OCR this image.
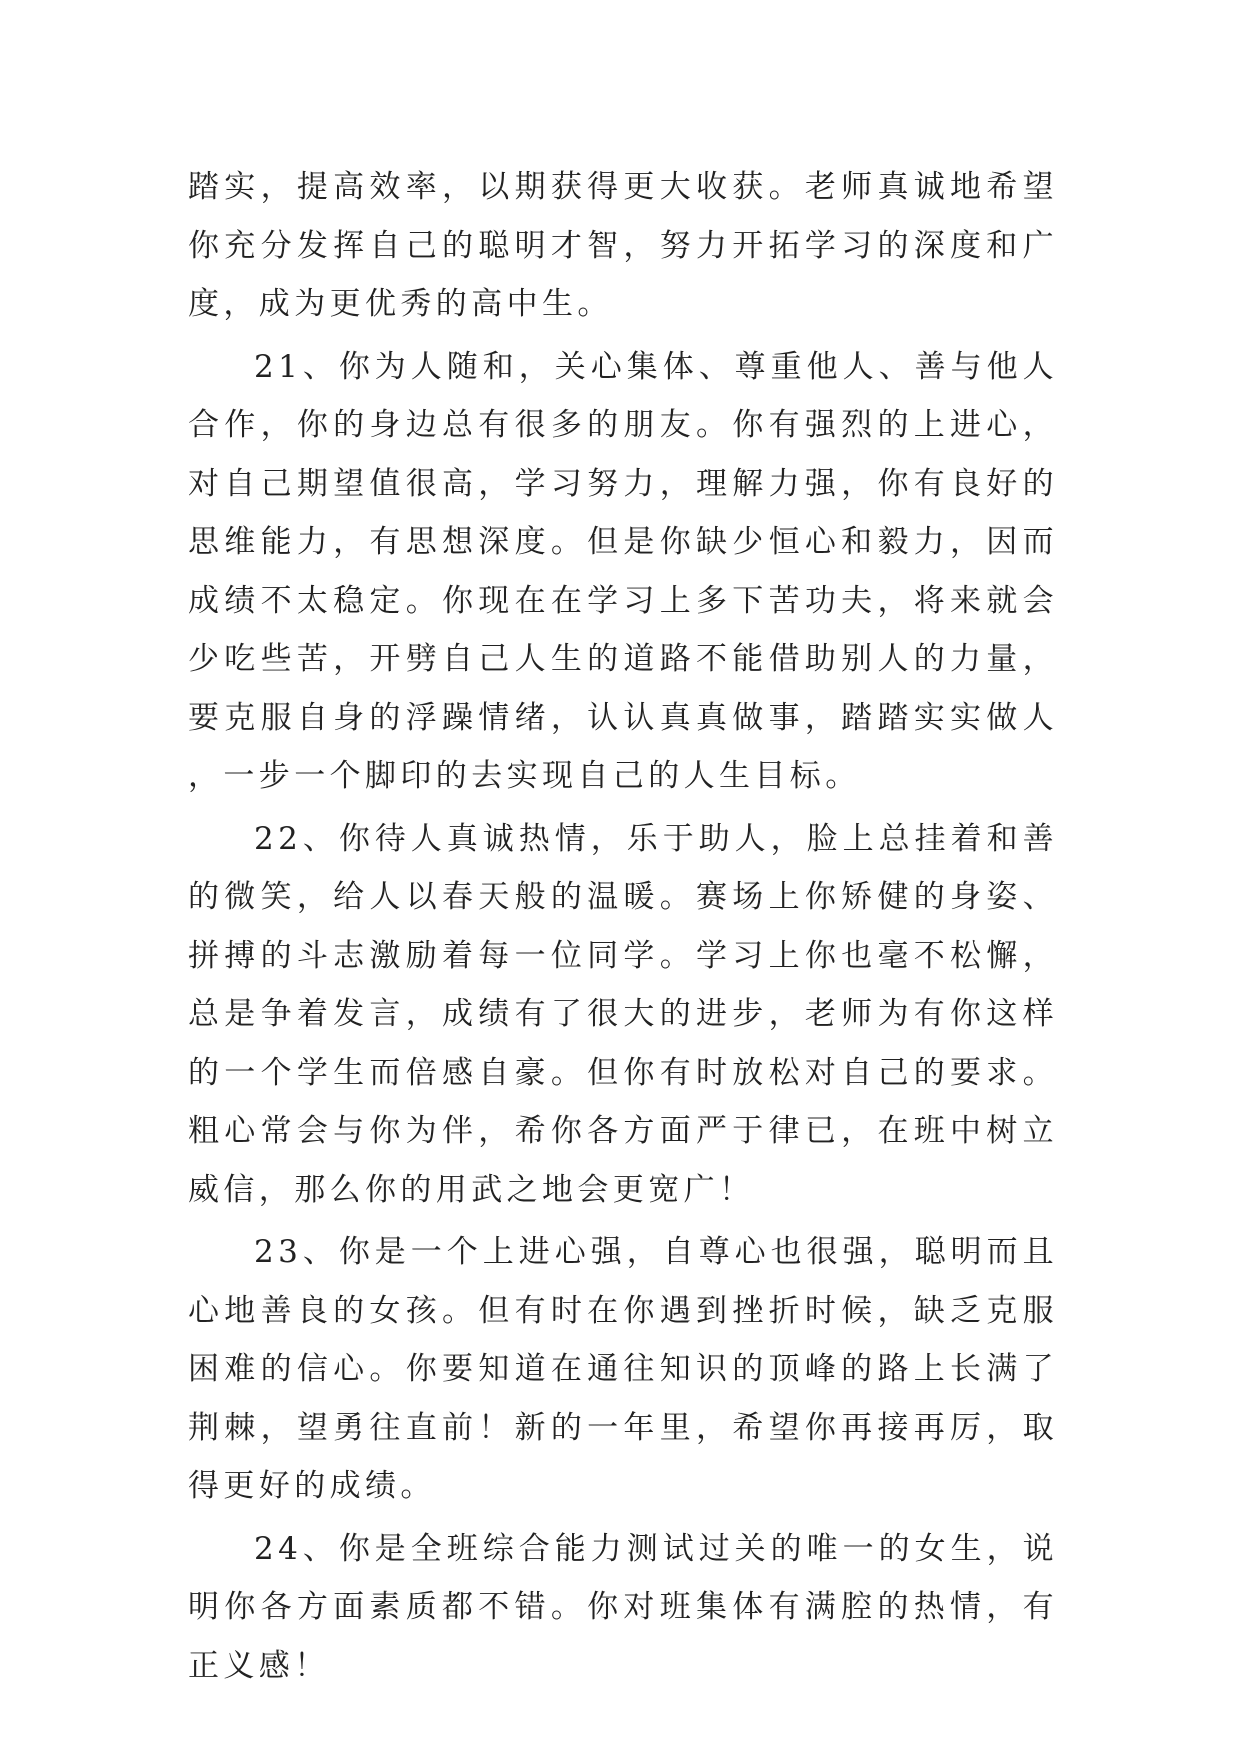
踏实，提高效率，以期获得更大收获。老师真诚地希望你充分发挥自己的聪明才智，努力开拓学习的深度和广度，成为更优秀的高中生。

21、你为人随和，关心集体、尊重他人、善与他人合作，你的身边总有很多的朋友。你有强烈的上进心，对自己期望值很高，学习努力，理解力强，你有良好的思维能力，有思想深度。但是你缺少恒心和毅力，因而成绩不太稳定。你现在在学习上多下苦功夫，将来就会少吃些苦，开劈自己人生的道路不能借助别人的力量，要克服自身的浮躁情绪，认认真真做事，踏踏实实做人，一步一个脚印的去实现自己的人生目标。

22、你待人真诚热情，乐于助人，脸上总挂着和善的微笑，给人以春天般的温暖。赛场上你矫健的身姿、拼搏的斗志激励着每一位同学。学习上你也毫不松懈，总是争着发言，成绩有了很大的进步，老师为有你这样的一个学生而倍感自豪。但你有时放松对自己的要求。粗心常会与你为伴，希你各方面严于律已，在班中树立威信，那么你的用武之地会更宽广！

23、你是一个上进心强，自尊心也很强，聪明而且心地善良的女孩。但有时在你遇到挫折时候，缺乏克服困难的信心。你要知道在通往知识的顶峰的路上长满了荆棘，望勇往直前！新的一年里，希望你再接再厉，取得更好的成绩。

24、你是全班综合能力测试过关的唯一的女生，说明你各方面素质都不错。你对班集体有满腔的热情，有正义感！
